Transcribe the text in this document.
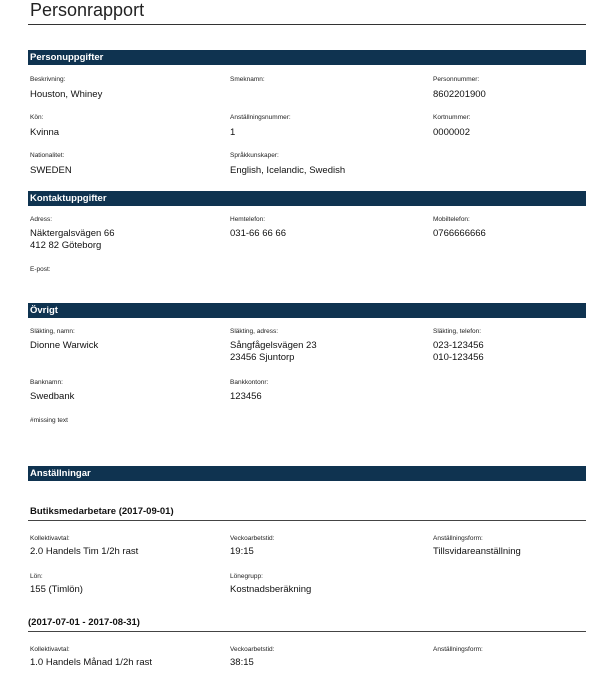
Personrapport
Personuppgifter
Beskrivning:
Houston, Whiney
Smeknamn:	Personnummer:
8602201900
Kön:
Kvinna
Anställningsnummer:
1
Kortnummer:
0000002
Nationalitet:
SWEDEN
Språkkunskaper:
English, Icelandic, Swedish
Kontaktuppgifter
Adress:
Näktergalsvägen 66
412 82 Göteborg
Hemtelefon:
031-66 66 66
Mobiltelefon:
0766666666
E-post:
Övrigt
Släkting, namn:
Dionne Warwick
Släkting, adress:
Sångfågelsvägen 23
23456 Sjuntorp
Släkting, telefon:
023-123456
010-123456
Banknamn:
Swedbank
Bankkontonr:
123456
#missing text
Anställningar
Butiksmedarbetare (2017-09-01)
Kollektivavtal:
2.0 Handels Tim 1/2h rast
Veckoarbetstid:
19:15
Anställningsform:
Tillsvidareanställning
Lön:
155 (Timlön)
Lönegrupp:
Kostnadsberäkning
(2017-07-01 - 2017-08-31)
Kollektivavtal:
1.0 Handels Månad 1/2h rast
Veckoarbetstid:
38:15
Anställningsform:
